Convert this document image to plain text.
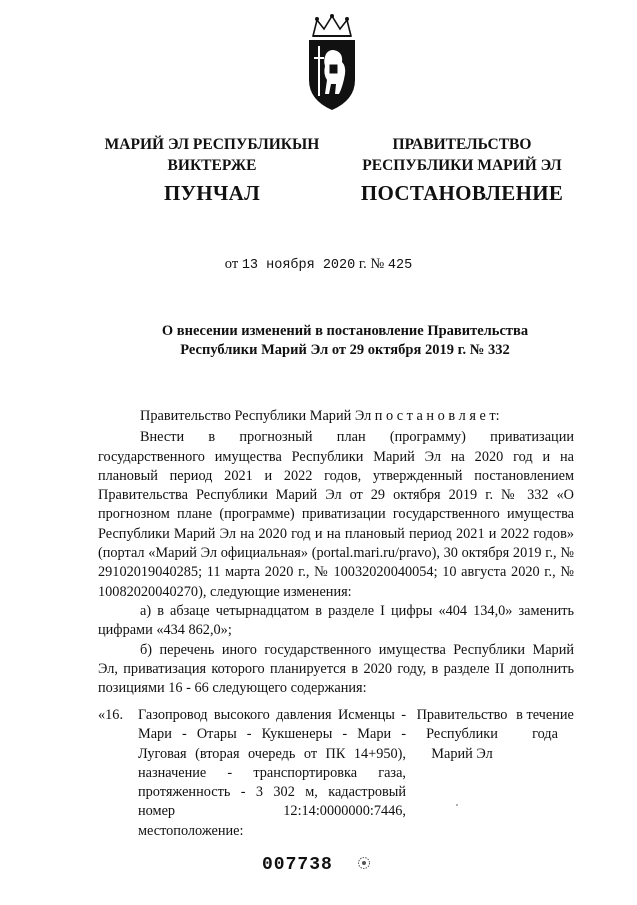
МАРИЙ ЭЛ РЕСПУБЛИКЫН
ВИКТЕРЖЕ
ПУНЧАЛ
ПРАВИТЕЛЬСТВО
РЕСПУБЛИКИ МАРИЙ ЭЛ
ПОСТАНОВЛЕНИЕ
от 13 ноября 2020 г. № 425
О внесении изменений в постановление Правительства
Республики Марий Эл от 29 октября 2019 г. № 332

Правительство Республики Марий Эл п о с т а н о в л я е т:

Внести в прогнозный план (программу) приватизации государственного имущества Республики Марий Эл на 2020 год и на плановый период 2021 и 2022 годов, утвержденный постановлением Правительства Республики Марий Эл от 29 октября 2019 г. № 332 «О прогнозном плане (программе) приватизации государственного имущества Республики Марий Эл на 2020 год и на плановый период 2021 и 2022 годов» (портал «Марий Эл официальная» (portal.mari.ru/pravo), 30 октября 2019 г., № 29102019040285; 11 марта 2020 г., № 10032020040054; 10 августа 2020 г., № 10082020040270), следующие изменения:

а) в абзаце четырнадцатом в разделе I цифры «404 134,0» заменить цифрами «434 862,0»;

б) перечень иного государственного имущества Республики Марий Эл, приватизация которого планируется в 2020 году, в разделе II дополнить позициями 16 - 66 следующего содержания:

«16.	Газопровод высокого давления Исменцы - Мари - Отары - Кукшенеры - Мари - Луговая (вторая очередь от ПК 14+950), назначение - транспортировка газа, протяженность - 3 302 м, кадастровый номер 12:14:0000000:7446, местоположение:
Правительство Республики Марий Эл
в течение года
007738
